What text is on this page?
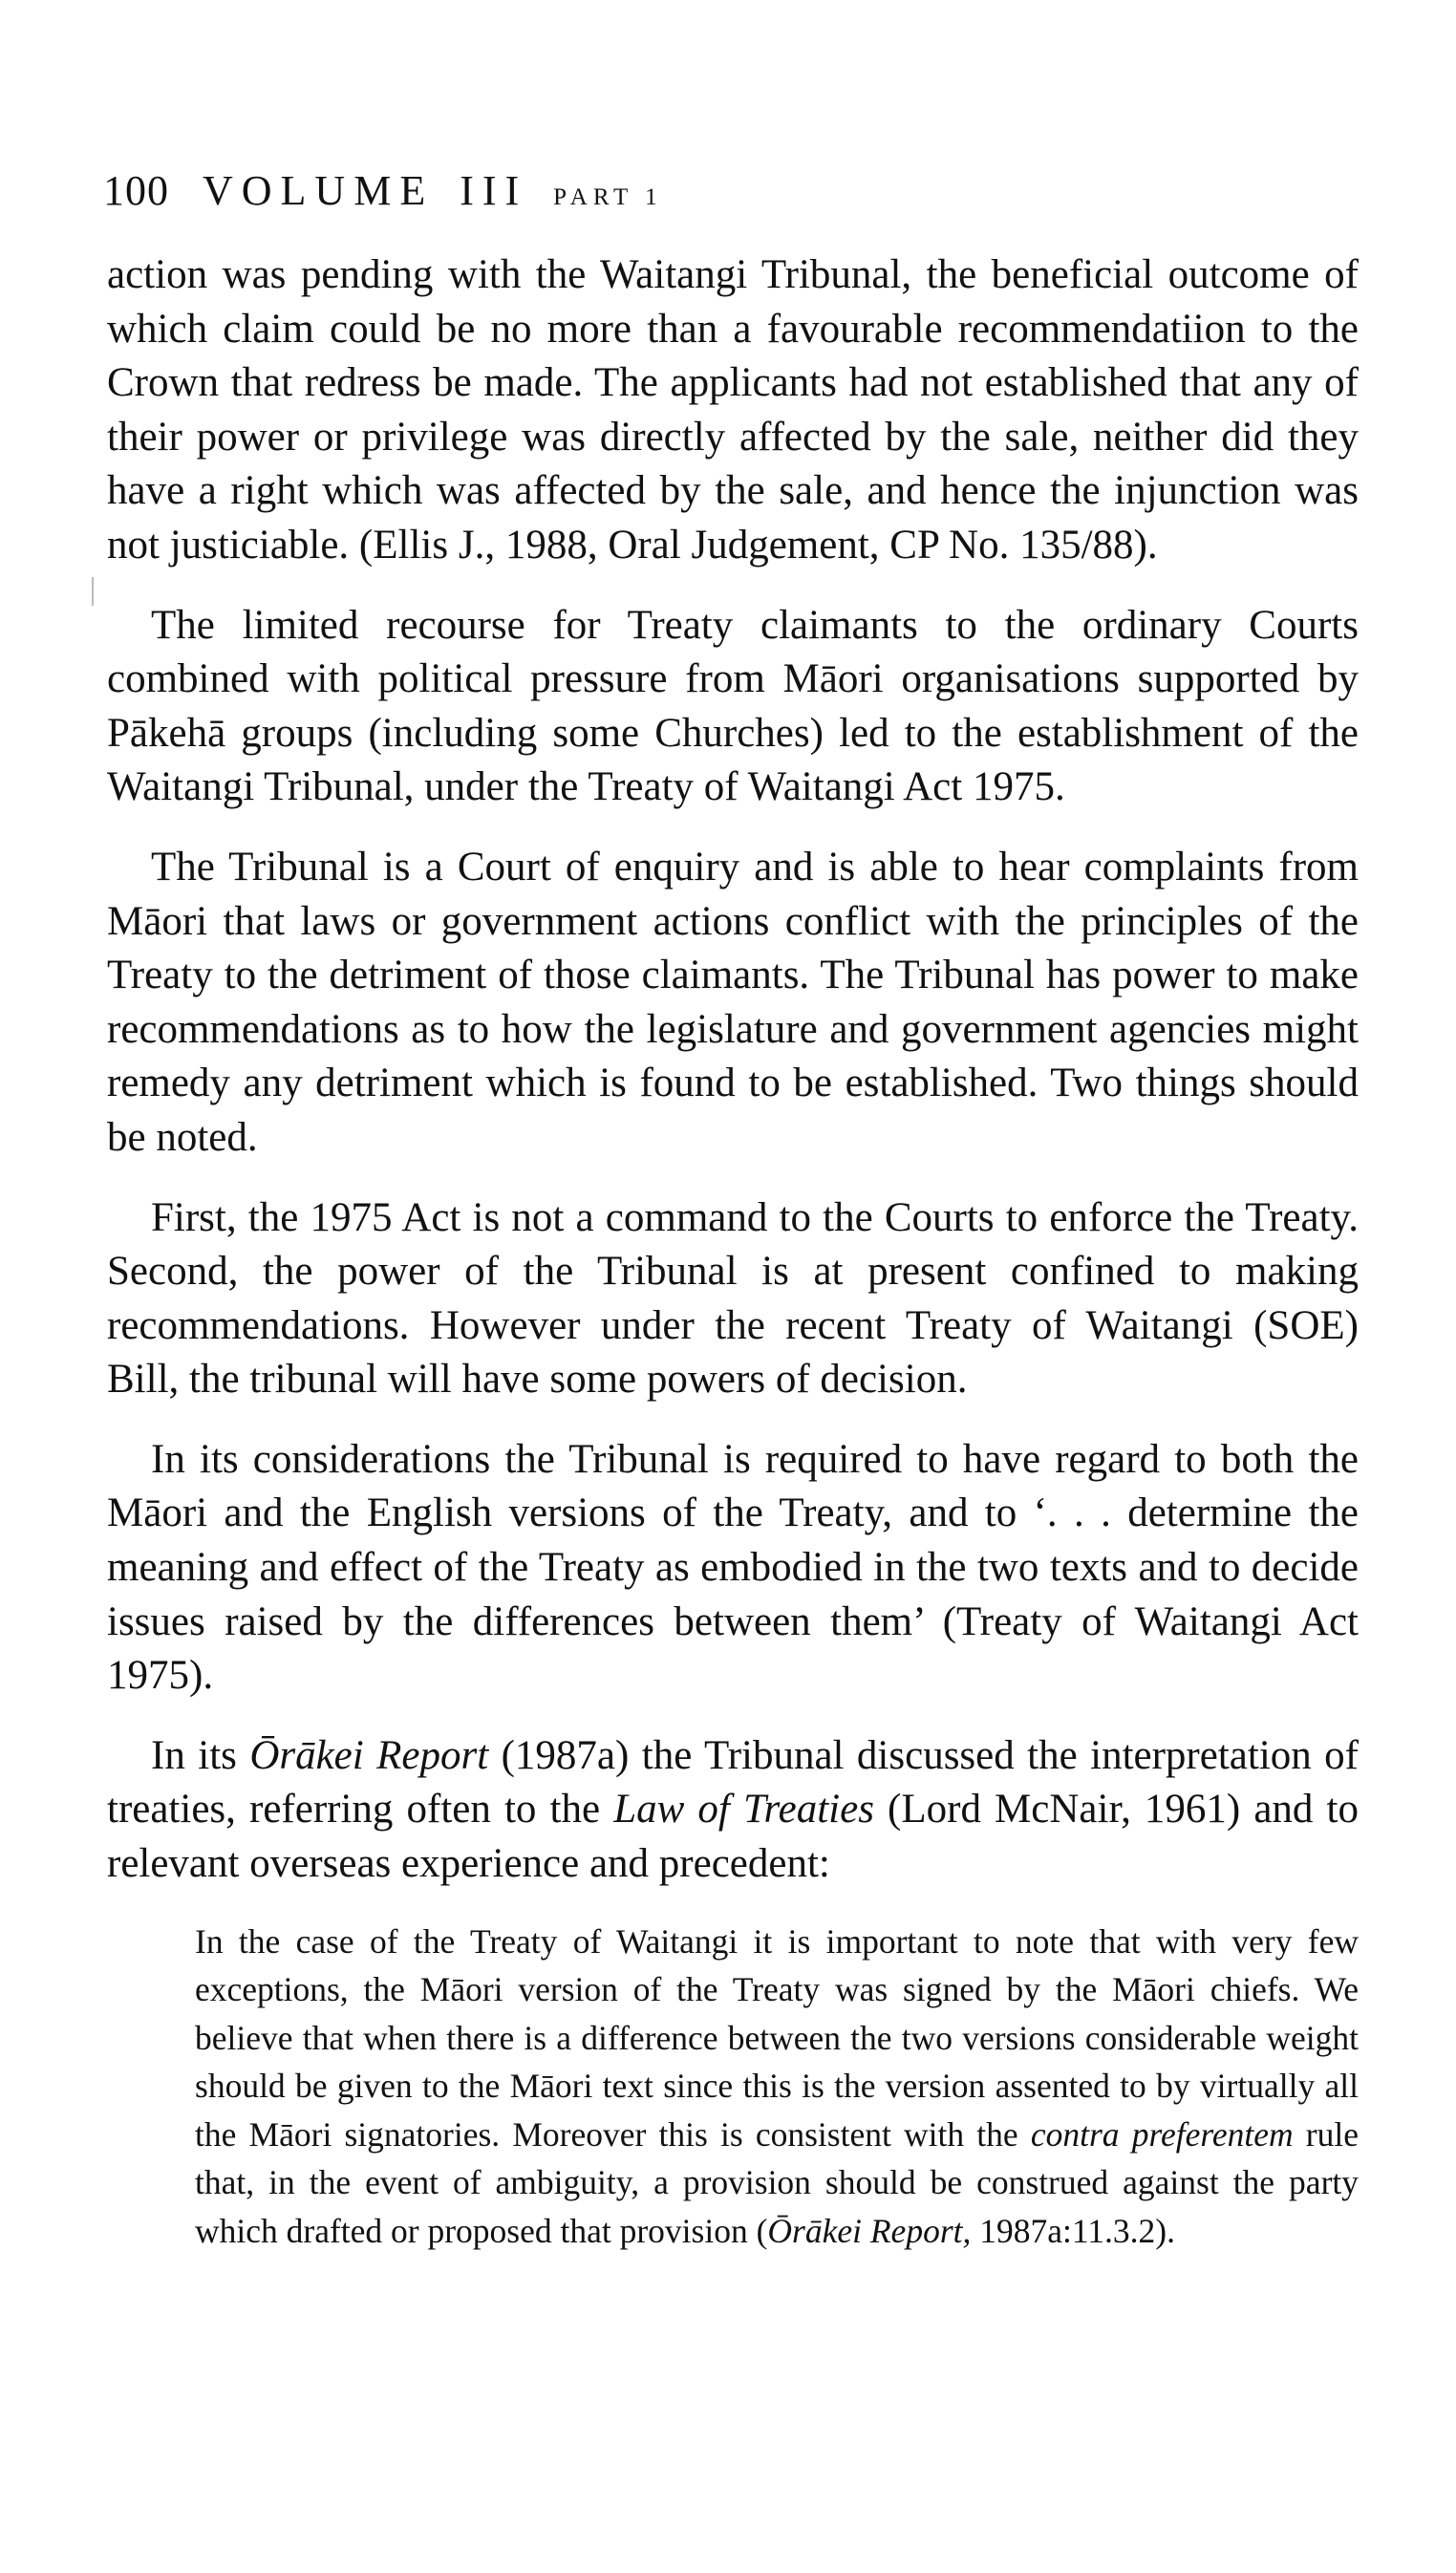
100 VOLUME III PART 1

action was pending with the Waitangi Tribunal, the beneficial outcome of which claim could be no more than a favourable recommendatiion to the Crown that redress be made. The applicants had not established that any of their power or privilege was directly affected by the sale, neither did they have a right which was affected by the sale, and hence the injunction was not justiciable. (Ellis J., 1988, Oral Judgement, CP No. 135/88).

The limited recourse for Treaty claimants to the ordinary Courts combined with political pressure from Māori organisations supported by Pākehā groups (including some Churches) led to the establishment of the Waitangi Tribunal, under the Treaty of Waitangi Act 1975.

The Tribunal is a Court of enquiry and is able to hear complaints from Māori that laws or government actions conflict with the principles of the Treaty to the detriment of those claimants. The Tribunal has power to make recommendations as to how the legislature and government agencies might remedy any detriment which is found to be established. Two things should be noted.

First, the 1975 Act is not a command to the Courts to enforce the Treaty. Second, the power of the Tribunal is at present confined to making recommendations. However under the recent Treaty of Waitangi (SOE) Bill, the tribunal will have some powers of decision.

In its considerations the Tribunal is required to have regard to both the Māori and the English versions of the Treaty, and to ‘. . . determine the meaning and effect of the Treaty as embodied in the two texts and to decide issues raised by the differences between them’ (Treaty of Waitangi Act 1975).

In its Ōrākei Report (1987a) the Tribunal discussed the interpretation of treaties, referring often to the Law of Treaties (Lord McNair, 1961) and to relevant overseas experience and precedent:

In the case of the Treaty of Waitangi it is important to note that with very few exceptions, the Māori version of the Treaty was signed by the Māori chiefs. We believe that when there is a difference between the two versions considerable weight should be given to the Māori text since this is the version assented to by virtually all the Māori signatories. Moreover this is consistent with the contra preferentem rule that, in the event of ambiguity, a provision should be construed against the party which drafted or proposed that provision (Ōrākei Report, 1987a:11.3.2).
